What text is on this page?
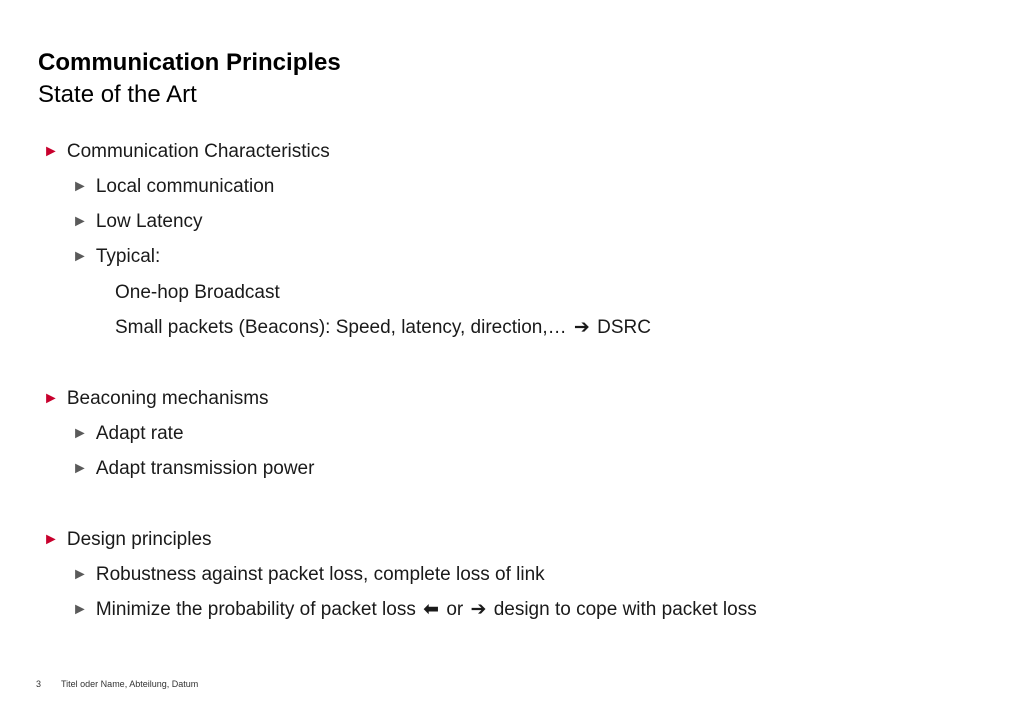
Communication Principles
State of the Art
► Communication Characteristics
► Local communication
► Low Latency
► Typical:
One-hop Broadcast
Small packets (Beacons): Speed, latency, direction,… ➔ DSRC
► Beaconing mechanisms
► Adapt rate
► Adapt transmission power
► Design principles
► Robustness against packet loss, complete loss of link
► Minimize the probability of packet loss ⬅ or ➔ design to cope with packet loss
3 Titel oder Name, Abteilung, Datum
